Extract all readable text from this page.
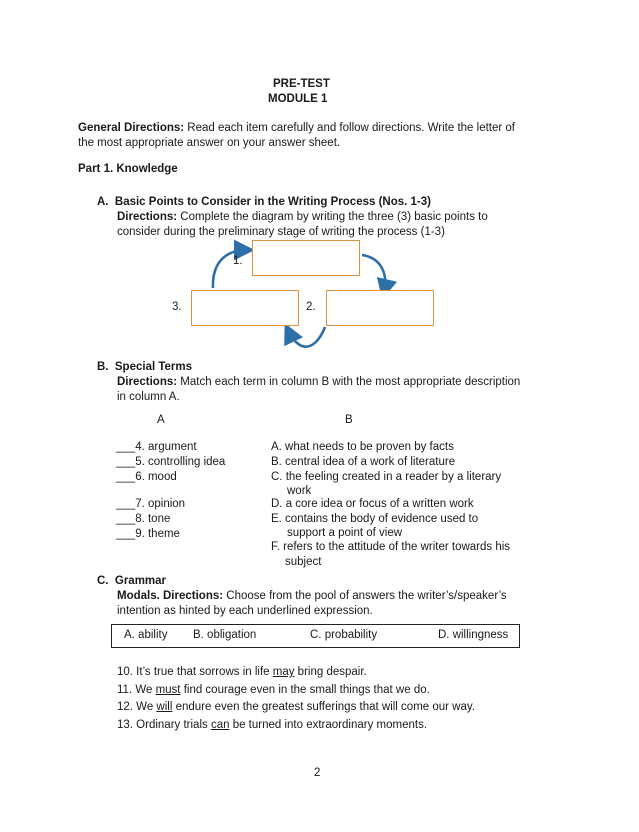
PRE-TEST
MODULE 1
General Directions: Read each item carefully and follow directions. Write the letter of
the most appropriate answer on your answer sheet.
Part 1. Knowledge
A.  Basic Points to Consider in the Writing Process (Nos. 1-3)
Directions: Complete the diagram by writing the three (3) basic points to
consider during the preliminary stage of writing the process (1-3)
1.
2.
3.
B.  Special Terms
Directions: Match each term in column B with the most appropriate description
in column A.
A	B
___4. argument
___5. controlling idea
___6. mood
___7. opinion
___8. tone
___9. theme
A. what needs to be proven by facts
B. central idea of a work of literature
C. the feeling created in a reader by a literary
work
D. a core idea or focus of a written work
E. contains the body of evidence used to
support a point of view
F. refers to the attitude of the writer towards his
subject
C.  Grammar
Modals. Directions: Choose from the pool of answers the writer’s/speaker’s
intention as hinted by each underlined expression.
A. ability B. obligation	C. probability	D. willingness
10. It’s true that sorrows in life may bring despair.
11. We must find courage even in the small things that we do.
12. We will endure even the greatest sufferings that will come our way.
13. Ordinary trials can be turned into extraordinary moments.
2
